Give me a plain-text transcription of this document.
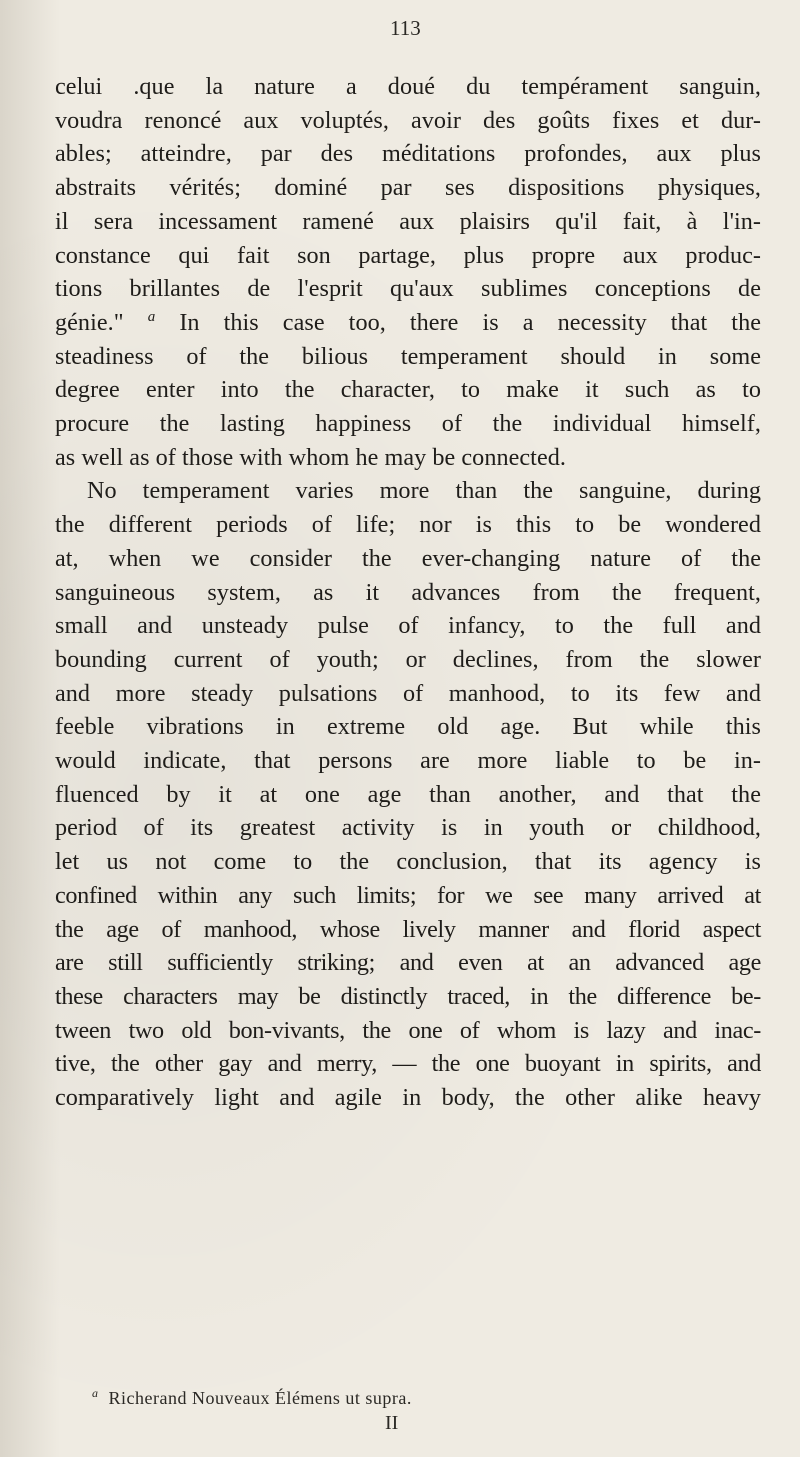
113
celui .que la nature a doué du tempérament sanguin,
voudra renoncé aux voluptés, avoir des goûts fixes et dur-
ables; atteindre, par des méditations profondes, aux plus
abstraits vérités; dominé par ses dispositions physiques,
il sera incessament ramené aux plaisirs qu'il fait, à l'in-
constance qui fait son partage, plus propre aux produc-
tions brillantes de l'esprit qu'aux sublimes conceptions de
génie." $^a$ In this case too, there is a necessity that the
steadiness of the bilious temperament should in some
degree enter into the character, to make it such as to
procure the lasting happiness of the individual himself,
as well as of those with whom he may be connected.
No temperament varies more than the sanguine, during
the different periods of life; nor is this to be wondered
at, when we consider the ever-changing nature of the
sanguineous system, as it advances from the frequent,
small and unsteady pulse of infancy, to the full and
bounding current of youth; or declines, from the slower
and more steady pulsations of manhood, to its few and
feeble vibrations in extreme old age. But while this
would indicate, that persons are more liable to be in-
fluenced by it at one age than another, and that the
period of its greatest activity is in youth or childhood,
let us not come to the conclusion, that its agency is
confined within any such limits; for we see many arrived at
the age of manhood, whose lively manner and florid aspect
are still sufficiently striking; and even at an advanced age
these characters may be distinctly traced, in the difference be-
tween two old bon-vivants, the one of whom is lazy and inac-
tive, the other gay and merry, — the one buoyant in spirits, and
comparatively light and agile in body, the other alike heavy
$^a$ Richerand Nouveaux Élémens ut supra.
II
